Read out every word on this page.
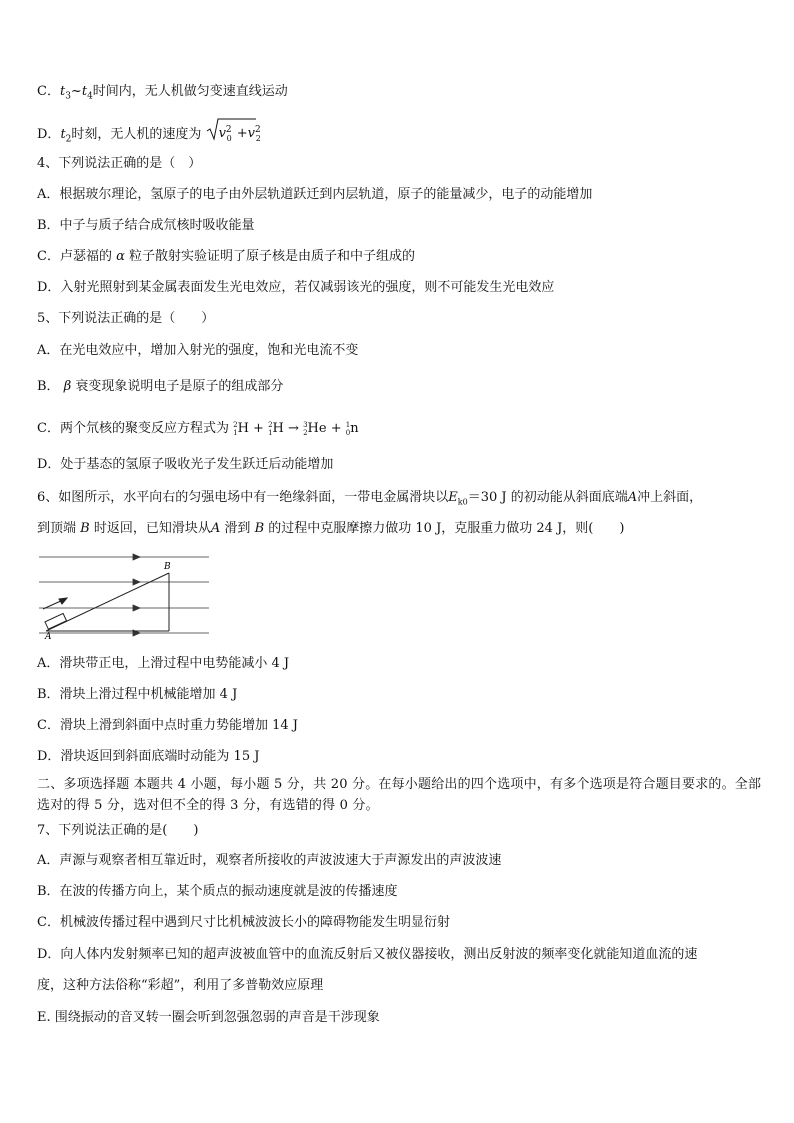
C．$t_3\sim t_4$时间内，无人机做匀变速直线运动
D．$t_2$时刻，无人机的速度为 $v^2_0 +v^2_2$
4、下列说法正确的是（　）
A．根据玻尔理论，氢原子的电子由外层轨道跃迁到内层轨道，原子的能量减少，电子的动能增加
B．中子与质子结合成氘核时吸收能量
C．卢瑟福的 α 粒子散射实验证明了原子核是由质子和中子组成的
D．入射光照射到某金属表面发生光电效应，若仅减弱该光的强度，则不可能发生光电效应
5、下列说法正确的是（　　）
A．在光电效应中，增加入射光的强度，饱和光电流不变
B． β 衰变现象说明电子是原子的组成部分
C．两个氘核的聚变反应方程式为 2
1 H + 2
1 H → 3
2 He + 1
0 n
D．处于基态的氢原子吸收光子发生跃迁后动能增加
6、如图所示，水平向右的匀强电场中有一绝缘斜面，一带电金属滑块以$E_{k0}=30$ J 的初动能从斜面底端A冲上斜面，
到顶端 B 时返回，已知滑块从A 滑到 B 的过程中克服摩擦力做功 10 J，克服重力做功 24 J，则(　　)
A
B
A．滑块带正电，上滑过程中电势能减小 4 J
B．滑块上滑过程中机械能增加 4 J
C．滑块上滑到斜面中点时重力势能增加 14 J
D．滑块返回到斜面底端时动能为 15 J
二、多项选择题 本题共 4 小题，每小题 5 分，共 20 分。在每小题给出的四个选项中，有多个选项是符合题目要求的。全部选对的得 5 分，选对但不全的得 3 分，有选错的得 0 分。
7、下列说法正确的是(　　)
A．声源与观察者相互靠近时，观察者所接收的声波波速大于声源发出的声波波速
B．在波的传播方向上，某个质点的振动速度就是波的传播速度
C．机械波传播过程中遇到尺寸比机械波波长小的障碍物能发生明显衍射
D．向人体内发射频率已知的超声波被血管中的血流反射后又被仪器接收，测出反射波的频率变化就能知道血流的速
度，这种方法俗称“彩超”，利用了多普勒效应原理
E. 围绕振动的音叉转一圈会听到忽强忽弱的声音是干涉现象
